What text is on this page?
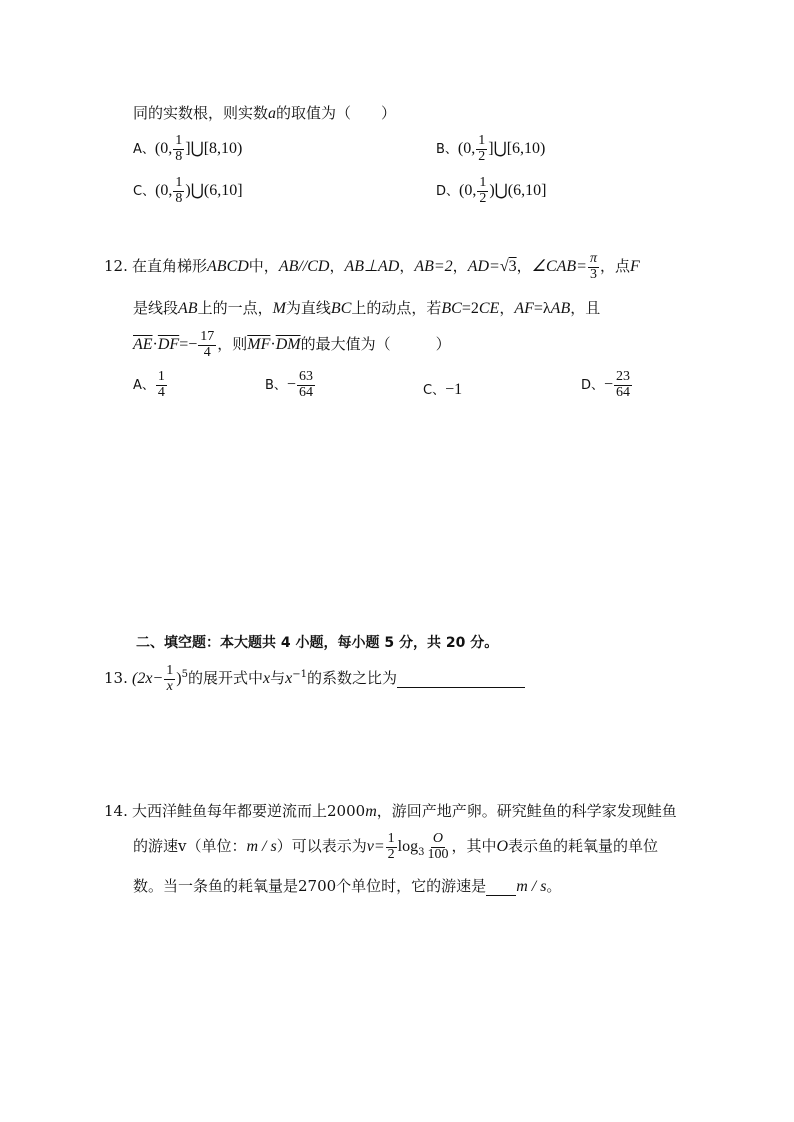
同的实数根，则实数a的取值为（　　）
A、(0, $\frac{1}{8}$ ]⋃[8,10)	B、(0, $\frac{1}{2}$ ]⋃[6,10)
C、(0, $\frac{1}{8}$ )⋃(6,10]	D、(0, $\frac{1}{2}$ )⋃(6,10]
12. 在直角梯形ABCD中，AB//CD，AB⊥AD，AB=2，AD=√3，∠CAB= $\frac{\pi}{3}$ ，点F
是线段AB上的一点，M为直线BC上的动点，若BC=2CE，AF=λAB，且
$\overline{AE}\cdot\overline{DF}=- \frac{17}{4}$ ，则$\overline{MF}\cdot\overline{DM}$的最大值为（　　　）
A、 $\frac{1}{4}$	B、− $\frac{63}{64}$	C、−1	D、− $\frac{23}{64}$
二、填空题：本大题共 4 小题，每小题 5 分，共 20 分。
13. $(2x- \frac{1}{x} )^5$的展开式中x与$x^{-1}$的系数之比为
14. 大西洋鲑鱼每年都要逆流而上2000m，游回产地产卵。研究鲑鱼的科学家发现鲑鱼
的游速v（单位：m / s）可以表示为$v= \frac{1}{2} \log_3 \frac{O}{100}$ ，其中O表示鱼的耗氧量的单位
数。当一条鱼的耗氧量是2700个单位时，它的游速是 m / s。
